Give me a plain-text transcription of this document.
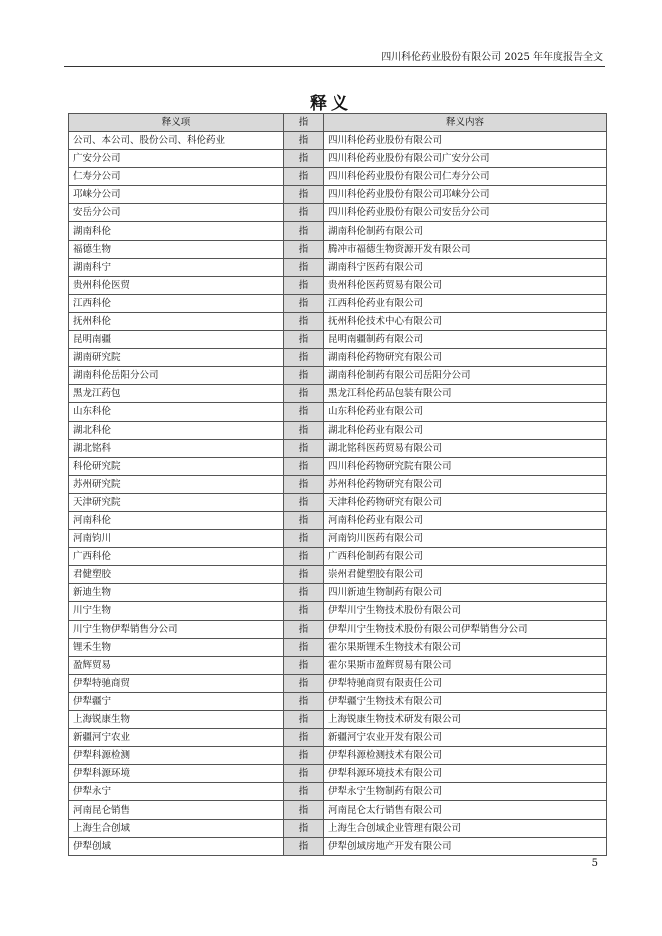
四川科伦药业股份有限公司 2025 年年度报告全文
释义
释义项	指	释义内容
公司、本公司、股份公司、科伦药业	指	四川科伦药业股份有限公司
广安分公司	指	四川科伦药业股份有限公司广安分公司
仁寿分公司	指	四川科伦药业股份有限公司仁寿分公司
邛崃分公司	指	四川科伦药业股份有限公司邛崃分公司
安岳分公司	指	四川科伦药业股份有限公司安岳分公司
湖南科伦	指	湖南科伦制药有限公司
福德生物	指	腾冲市福德生物资源开发有限公司
湖南科宁	指	湖南科宁医药有限公司
贵州科伦医贸	指	贵州科伦医药贸易有限公司
江西科伦	指	江西科伦药业有限公司
抚州科伦	指	抚州科伦技术中心有限公司
昆明南疆	指	昆明南疆制药有限公司
湖南研究院	指	湖南科伦药物研究有限公司
湖南科伦岳阳分公司	指	湖南科伦制药有限公司岳阳分公司
黑龙江药包	指	黑龙江科伦药品包装有限公司
山东科伦	指	山东科伦药业有限公司
湖北科伦	指	湖北科伦药业有限公司
湖北铭科	指	湖北铭科医药贸易有限公司
科伦研究院	指	四川科伦药物研究院有限公司
苏州研究院	指	苏州科伦药物研究有限公司
天津研究院	指	天津科伦药物研究有限公司
河南科伦	指	河南科伦药业有限公司
河南钧川	指	河南钧川医药有限公司
广西科伦	指	广西科伦制药有限公司
君健塑胶	指	崇州君健塑胶有限公司
新迪生物	指	四川新迪生物制药有限公司
川宁生物	指	伊犁川宁生物技术股份有限公司
川宁生物伊犁销售分公司	指	伊犁川宁生物技术股份有限公司伊犁销售分公司
锂禾生物	指	霍尔果斯锂禾生物技术有限公司
盈辉贸易	指	霍尔果斯市盈辉贸易有限公司
伊犁特驰商贸	指	伊犁特驰商贸有限责任公司
伊犁疆宁	指	伊犁疆宁生物技术有限公司
上海锐康生物	指	上海锐康生物技术研发有限公司
新疆河宁农业	指	新疆河宁农业开发有限公司
伊犁科源检测	指	伊犁科源检测技术有限公司
伊犁科源环境	指	伊犁科源环境技术有限公司
伊犁永宁	指	伊犁永宁生物制药有限公司
河南昆仑销售	指	河南昆仑太行销售有限公司
上海生合创域	指	上海生合创域企业管理有限公司
伊犁创域	指	伊犁创域房地产开发有限公司
5
